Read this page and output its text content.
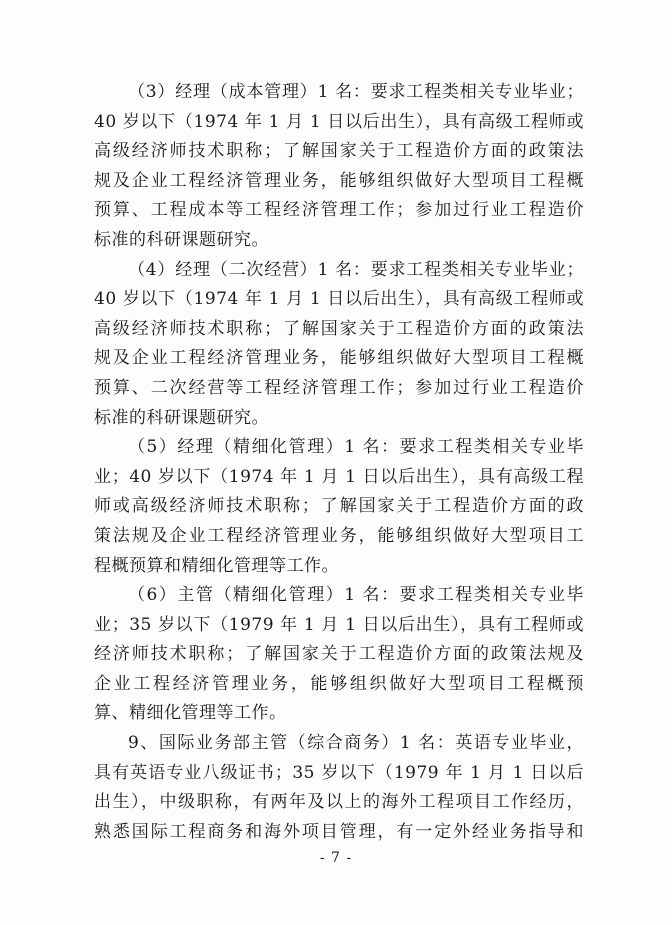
（3）经理（成本管理）1 名：要求工程类相关专业毕业；
40 岁以下（1974 年 1 月 1 日以后出生），具有高级工程师或
高级经济师技术职称；了解国家关于工程造价方面的政策法
规及企业工程经济管理业务，能够组织做好大型项目工程概
预算、工程成本等工程经济管理工作；参加过行业工程造价
标准的科研课题研究。
（4）经理（二次经营）1 名：要求工程类相关专业毕业；
40 岁以下（1974 年 1 月 1 日以后出生），具有高级工程师或
高级经济师技术职称；了解国家关于工程造价方面的政策法
规及企业工程经济管理业务，能够组织做好大型项目工程概
预算、二次经营等工程经济管理工作；参加过行业工程造价
标准的科研课题研究。
（5）经理（精细化管理）1 名：要求工程类相关专业毕
业；40 岁以下（1974 年 1 月 1 日以后出生），具有高级工程
师或高级经济师技术职称；了解国家关于工程造价方面的政
策法规及企业工程经济管理业务，能够组织做好大型项目工
程概预算和精细化管理等工作。
（6）主管（精细化管理）1 名：要求工程类相关专业毕
业；35 岁以下（1979 年 1 月 1 日以后出生），具有工程师或
经济师技术职称；了解国家关于工程造价方面的政策法规及
企业工程经济管理业务，能够组织做好大型项目工程概预
算、精细化管理等工作。
9、国际业务部主管（综合商务）1 名：英语专业毕业，
具有英语专业八级证书；35 岁以下（1979 年 1 月 1 日以后
出生），中级职称，有两年及以上的海外工程项目工作经历，
熟悉国际工程商务和海外项目管理，有一定外经业务指导和
- 7 -
